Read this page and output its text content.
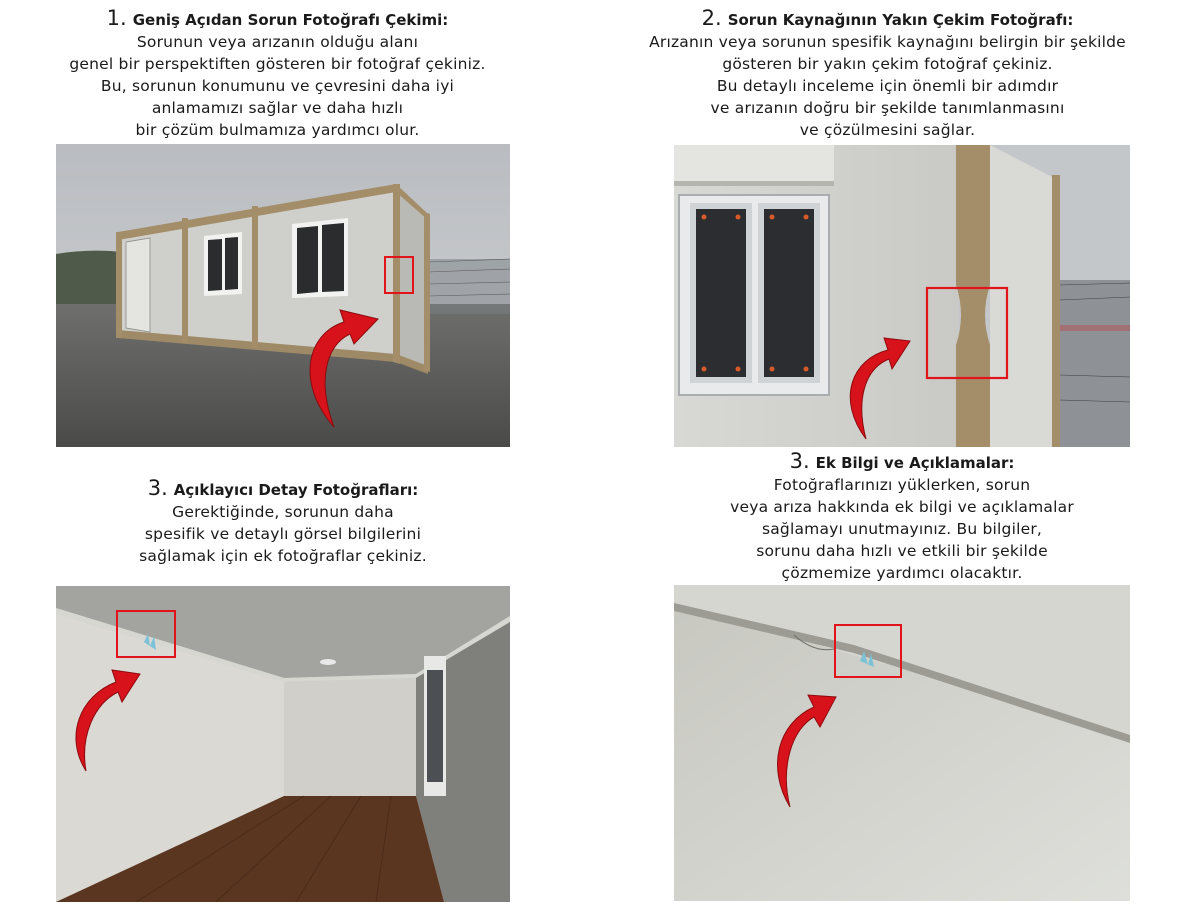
1. Geniş Açıdan Sorun Fotoğrafı Çekimi:
Sorunun veya arızanın olduğu alanı
genel bir perspektiften gösteren bir fotoğraf çekiniz.
Bu, sorunun konumunu ve çevresini daha iyi
anlamamızı sağlar ve daha hızlı
bir çözüm bulmamıza yardımcı olur.
2. Sorun Kaynağının Yakın Çekim Fotoğrafı:
Arızanın veya sorunun spesifik kaynağını belirgin bir şekilde
gösteren bir yakın çekim fotoğraf çekiniz.
Bu detaylı inceleme için önemli bir adımdır
ve arızanın doğru bir şekilde tanımlanmasını
ve çözülmesini sağlar.
3. Açıklayıcı Detay Fotoğrafları:
Gerektiğinde, sorunun daha
spesifik ve detaylı görsel bilgilerini
sağlamak için ek fotoğraflar çekiniz.
3. Ek Bilgi ve Açıklamalar:
Fotoğraflarınızı yüklerken, sorun
veya arıza hakkında ek bilgi ve açıklamalar
sağlamayı unutmayınız. Bu bilgiler,
sorunu daha hızlı ve etkili bir şekilde
çözmemize yardımcı olacaktır.
